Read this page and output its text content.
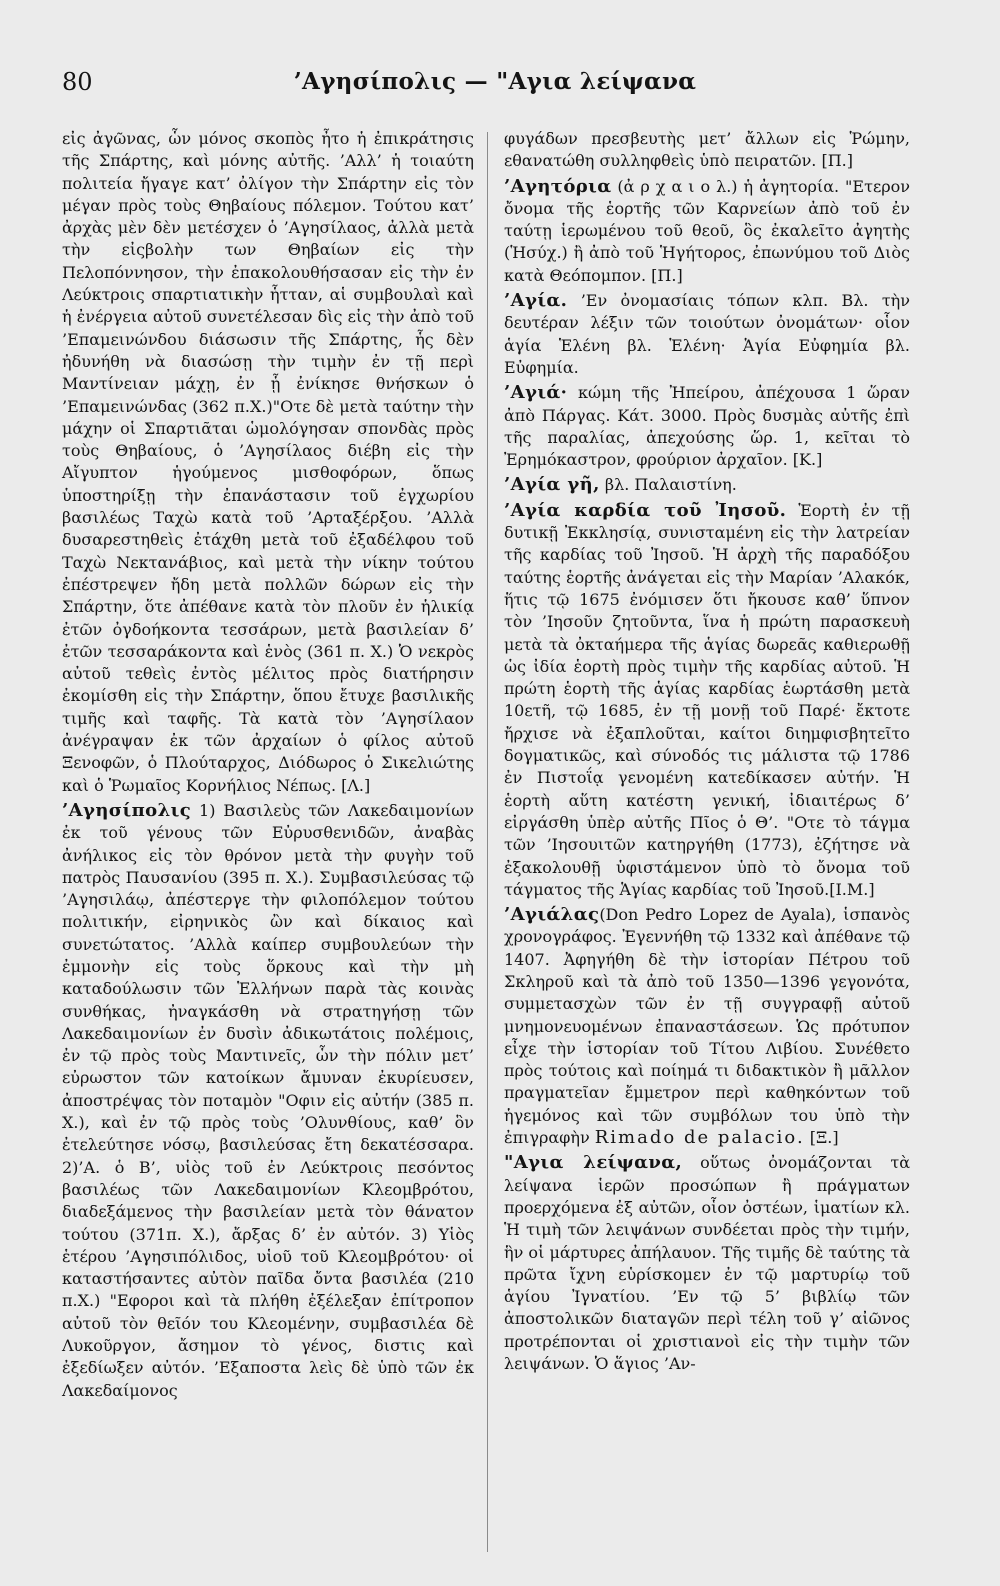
80	’Αγησίπολις — "Αγια λείψανα

εἰς ἀγῶνας, ὧν μόνος σκοπὸς ἦτο ἡ ἐπικράτησις τῆς Σπάρτης, καὶ μόνης αὐτῆς. ’Αλλ’ ἡ τοιαύτη πολιτεία ἤγαγε κατ’ ὀλίγον τὴν Σπάρτην εἰς τὸν μέγαν πρὸς τοὺς Θηβαίους πόλεμον. Τούτου κατ’ ἀρχὰς μὲν δὲν μετέσχεν ὁ ’Αγησίλαος, ἀλλὰ μετὰ τὴν εἰςβολὴν των Θηβαίων εἰς τὴν Πελοπόννησον, τὴν ἐπακολουθήσασαν εἰς τὴν ἐν Λεύκτροις σπαρτιατικὴν ἧτταν, αἱ συμβουλαὶ καὶ ἡ ἐνέργεια αὐτοῦ συνετέλεσαν δὶς εἰς τὴν ἀπὸ τοῦ ’Επαμεινώνδου διάσωσιν τῆς Σπάρτης, ἧς δὲν ἠδυνήθη νὰ διασώσῃ τὴν τιμὴν ἐν τῇ περὶ Μαντίνειαν μάχῃ, ἐν ᾗ ἐνίκησε θνήσκων ὁ ’Επαμεινώνδας (362 π.Χ.)"Οτε δὲ μετὰ ταύτην τὴν μάχην οἱ Σπαρτιᾶται ὡμολόγησαν σπονδὰς πρὸς τοὺς Θηβαίους, ὁ ’Αγησίλαος διέβη εἰς τὴν Αἴγυπτον ἡγούμενος μισθοφόρων, ὅπως ὑποστηρίξῃ τὴν ἐπανάστασιν τοῦ ἐγχωρίου βασιλέως Ταχὼ κατὰ τοῦ ’Αρταξέρξου. ’Αλλὰ δυσαρεστηθεὶς ἐτάχθη μετὰ τοῦ ἐξαδέλφου τοῦ Ταχὼ Νεκτανάβιος, καὶ μετὰ τὴν νίκην τούτου ἐπέστρεψεν ἤδη μετὰ πολλῶν δώρων εἰς τὴν Σπάρτην, ὅτε ἀπέθανε κατὰ τὸν πλοῦν ἐν ἡλικίᾳ ἐτῶν ὀγδοήκοντα τεσσάρων, μετὰ βασιλείαν δ’ ἐτῶν τεσσαράκοντα καὶ ἑνὸς (361 π. Χ.) Ὁ νεκρὸς αὐτοῦ τεθεὶς ἐντὸς μέλιτος πρὸς διατήρησιν ἐκομίσθη εἰς τὴν Σπάρτην, ὅπου ἔτυχε βασιλικῆς τιμῆς καὶ ταφῆς. Τὰ κατὰ τὸν ’Αγησίλαον ἀνέγραψαν ἐκ τῶν ἀρχαίων ὁ φίλος αὐτοῦ Ξενοφῶν, ὁ Πλούταρχος, Διόδωρος ὁ Σικελιώτης καὶ ὁ Ῥωμαῖος Κορνήλιος Νέπως. [Λ.]

’Αγησίπολις 1) Βασιλεὺς τῶν Λακεδαιμονίων ἐκ τοῦ γένους τῶν Εὐρυσθενιδῶν, ἀναβὰς ἀνήλικος εἰς τὸν θρόνον μετὰ τὴν φυγὴν τοῦ πατρὸς Παυσανίου (395 π. Χ.). Συμβασιλεύσας τῷ ’Αγησιλάῳ, ἀπέστεργε τὴν φιλοπόλεμον τούτου πολιτικήν, εἰρηνικὸς ὢν καὶ δίκαιος καὶ συνετώτατος. ’Αλλὰ καίπερ συμβουλεύων τὴν ἐμμονὴν εἰς τοὺς ὅρκους καὶ τὴν μὴ καταδούλωσιν τῶν Ἑλλήνων παρὰ τὰς κοινὰς συνθήκας, ἠναγκάσθη νὰ στρατηγήσῃ τῶν Λακεδαιμονίων ἐν δυσὶν ἀδικωτάτοις πολέμοις, ἐν τῷ πρὸς τοὺς Μαντινεῖς, ὧν τὴν πόλιν μετ’ εὐρωστον τῶν κατοίκων ἄμυναν ἐκυρίευσεν, ἀποστρέψας τὸν ποταμὸν "Οφιν εἰς αὐτήν (385 π. Χ.), καὶ ἐν τῷ πρὸς τοὺς ’Ολυνθίους, καθ’ ὃν ἐτελεύτησε νόσῳ, βασιλεύσας ἔτη δεκατέσσαρα. 2)’Α. ὁ Β’, υἱὸς τοῦ ἐν Λεύκτροις πεσόντος βασιλέως τῶν Λακεδαιμονίων Κλεομβρότου, διαδεξάμενος τὴν βασιλείαν μετὰ τὸν θάνατον τούτου (371π. Χ.), ἄρξας δ’ ἐν αὐτόν. 3) Υἱὸς ἑτέρου ’Αγησιπόλιδος, υἱοῦ τοῦ Κλεομβρότου· οἱ καταστήσαντες αὐτὸν παῖδα ὄντα βασιλέα (210 π.Χ.) "Εφοροι καὶ τὰ πλήθη ἐξέλεξαν ἐπίτροπον αὐτοῦ τὸν θεῖόν του Κλεομένην, συμβασιλέα δὲ Λυκοῦργον, ἄσημον τὸ γένος, διστις καὶ ἐξεδίωξεν αὐτόν. ’Εξαποστα λεὶς δὲ ὑπὸ τῶν ἐκ Λακεδαίμονος

φυγάδων πρεσβευτὴς μετ’ ἄλλων εἰς Ῥώμην, εθανατώθη συλληφθεὶς ὑπὸ πειρατῶν. [Π.]

’Αγητόρια (ἀ ρ χ α ι ο λ.) ἡ ἀγητορία. "Ετερον ὄνομα τῆς ἑορτῆς τῶν Καρνείων ἀπὸ τοῦ ἐν ταύτῃ ἱερωμένου τοῦ θεοῦ, ὃς ἐκαλεῖτο ἀγητὴς (Ἡσύχ.) ἢ ἀπὸ τοῦ Ἡγήτορος, ἐπωνύμου τοῦ Διὸς κατὰ Θεόπομπον. [Π.]

’Αγία. ’Εν ὀνομασίαις τόπων κλπ. Βλ. τὴν δευτέραν λέξιν τῶν τοιούτων ὀνομάτων· οἷον ἁγία Ἑλένη βλ. Ἑλένη· Ἁγία Εὐφημία βλ. Εὐφημία.

’Αγιά· κώμη τῆς Ἠπείρου, ἀπέχουσα 1 ὥραν ἀπὸ Πάργας. Κάτ. 3000. Πρὸς δυσμὰς αὐτῆς ἐπὶ τῆς παραλίας, ἀπεχούσης ὥρ. 1, κεῖται τὸ Ἐρημόκαστρον, φρούριον ἀρχαῖον. [Κ.]

’Αγία γῆ, βλ. Παλαιστίνη.

’Αγία καρδία τοῦ Ἰησοῦ. Ἑορτὴ ἐν τῇ δυτικῇ Ἐκκλησίᾳ, συνισταμένη εἰς τὴν λατρείαν τῆς καρδίας τοῦ Ἰησοῦ. Ἡ ἀρχὴ τῆς παραδόξου ταύτης ἑορτῆς ἀνάγεται εἰς τὴν Μαρίαν ’Αλακόκ, ἥτις τῷ 1675 ἐνόμισεν ὅτι ἤκουσε καθ’ ὕπνον τὸν ’Ιησοῦν ζητοῦντα, ἵνα ἡ πρώτη παρασκευὴ μετὰ τὰ ὀκταήμερα τῆς ἁγίας δωρεᾶς καθιερωθῇ ὡς ἰδία ἑορτὴ πρὸς τιμὴν τῆς καρδίας αὐτοῦ. Ἡ πρώτη ἑορτὴ τῆς ἁγίας καρδίας ἑωρτάσθη μετὰ 10ετῆ, τῷ 1685, ἐν τῇ μονῇ τοῦ Παρέ· ἔκτοτε ἤρχισε νὰ ἐξαπλοῦται, καίτοι διημφισβητεῖτο δογματικῶς, καὶ σύνοδός τις μάλιστα τῷ 1786 ἐν Πιστοΐᾳ γενομένη κατεδίκασεν αὐτήν. Ἡ ἑορτὴ αὕτη κατέστη γενική, ἰδιαιτέρως δ’ εἰργάσθη ὑπὲρ αὐτῆς Πῖος ὁ Θ’. "Οτε τὸ τάγμα τῶν ’Ιησουιτῶν κατηργήθη (1773), ἐζήτησε νὰ ἐξακολουθῇ ὑφιστάμενον ὑπὸ τὸ ὄνομα τοῦ τάγματος τῆς Ἁγίας καρδίας τοῦ Ἰησοῦ.[Ι.Μ.]

’Αγιάλας(Don Pedro Lopez de Ayala), ἱσπανὸς χρονογράφος. Ἐγεννήθη τῷ 1332 καὶ ἀπέθανε τῷ 1407. Ἀφηγήθη δὲ τὴν ἱστορίαν Πέτρου τοῦ Σκληροῦ καὶ τὰ ἀπὸ τοῦ 1350—1396 γεγονότα, συμμετασχὼν τῶν ἐν τῇ συγγραφῇ αὐτοῦ μνημονευομένων ἐπαναστάσεων. Ὡς πρότυπον εἶχε τὴν ἱστορίαν τοῦ Τίτου Λιβίου. Συνέθετο πρὸς τούτοις καὶ ποίημά τι διδακτικὸν ἢ μᾶλλον πραγματεῖαν ἔμμετρον περὶ καθηκόντων τοῦ ἡγεμόνος καὶ τῶν συμβόλων του ὑπὸ τὴν ἐπιγραφὴν Rimado de palacio. [Ξ.]

"Αγια λείψανα, οὕτως ὀνομάζονται τὰ λείψανα ἱερῶν προσώπων ἢ πράγματων προερχόμενα ἐξ αὐτῶν, οἷον ὀστέων, ἱματίων κλ. Ἡ τιμὴ τῶν λειψάνων συνδέεται πρὸς τὴν τιμήν, ἣν οἱ μάρτυρες ἀπήλαυον. Τῆς τιμῆς δὲ ταύτης τὰ πρῶτα ἴχνη εὑρίσκομεν ἐν τῷ μαρτυρίῳ τοῦ ἁγίου Ἰγνατίου. ’Εν τῷ 5’ βιβλίῳ τῶν ἀποστολικῶν διαταγῶν περὶ τέλη τοῦ γ’ αἰῶνος προτρέπονται οἱ χριστιανοὶ εἰς τὴν τιμὴν τῶν λειψάνων. Ὁ ἅγιος ’Αν-
